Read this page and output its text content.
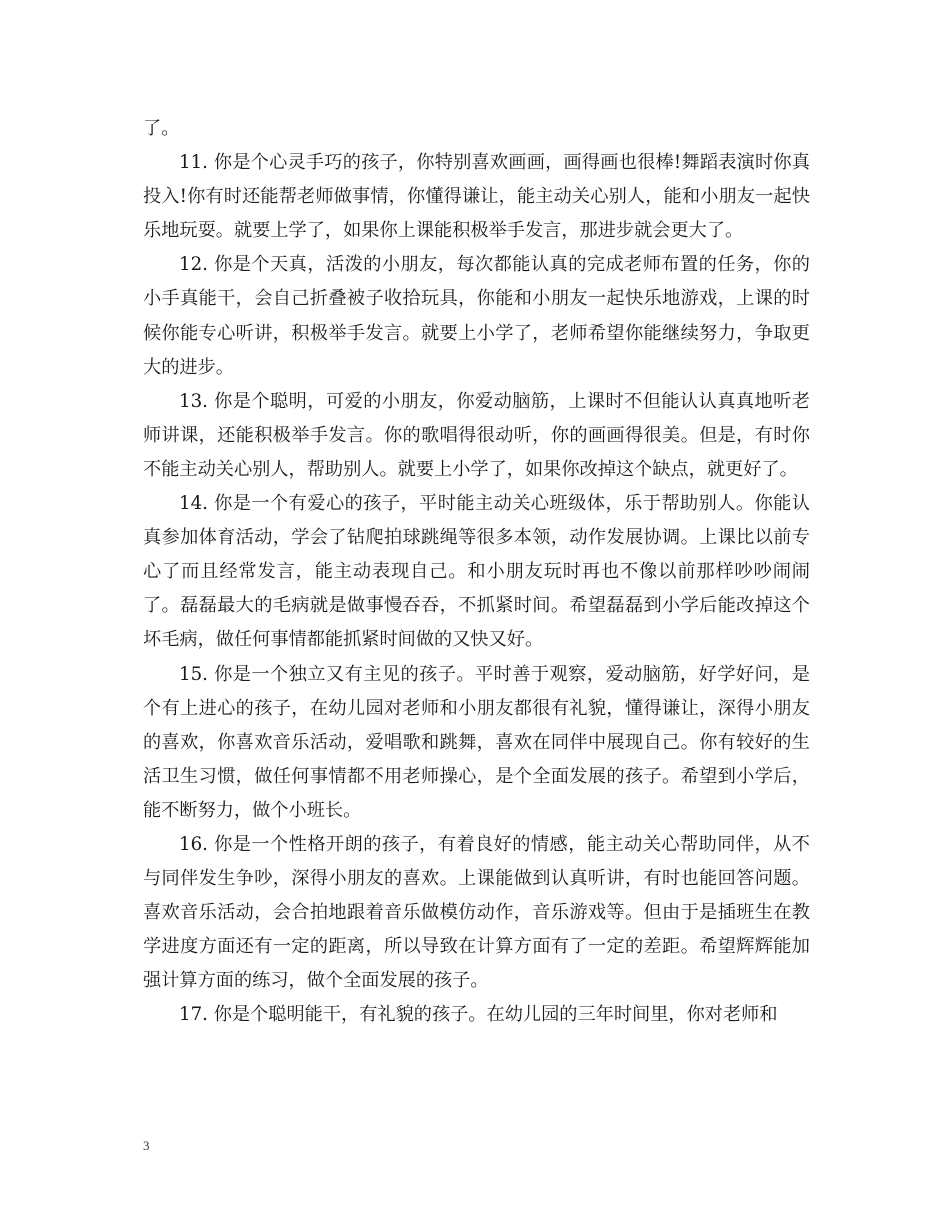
了。

11. 你是个心灵手巧的孩子，你特别喜欢画画，画得画也很棒!舞蹈表演时你真投入!你有时还能帮老师做事情，你懂得谦让，能主动关心别人，能和小朋友一起快乐地玩耍。就要上学了，如果你上课能积极举手发言，那进步就会更大了。

12. 你是个天真，活泼的小朋友，每次都能认真的完成老师布置的任务，你的小手真能干，会自己折叠被子收拾玩具，你能和小朋友一起快乐地游戏，上课的时候你能专心听讲，积极举手发言。就要上小学了，老师希望你能继续努力，争取更大的进步。

13. 你是个聪明，可爱的小朋友，你爱动脑筋，上课时不但能认认真真地听老师讲课，还能积极举手发言。你的歌唱得很动听，你的画画得很美。但是，有时你不能主动关心别人，帮助别人。就要上小学了，如果你改掉这个缺点，就更好了。

14. 你是一个有爱心的孩子，平时能主动关心班级体，乐于帮助别人。你能认真参加体育活动，学会了钻爬拍球跳绳等很多本领，动作发展协调。上课比以前专心了而且经常发言，能主动表现自己。和小朋友玩时再也不像以前那样吵吵闹闹了。磊磊最大的毛病就是做事慢吞吞，不抓紧时间。希望磊磊到小学后能改掉这个坏毛病，做任何事情都能抓紧时间做的又快又好。

15. 你是一个独立又有主见的孩子。平时善于观察，爱动脑筋，好学好问，是个有上进心的孩子，在幼儿园对老师和小朋友都很有礼貌，懂得谦让，深得小朋友的喜欢，你喜欢音乐活动，爱唱歌和跳舞，喜欢在同伴中展现自己。你有较好的生活卫生习惯，做任何事情都不用老师操心，是个全面发展的孩子。希望到小学后，能不断努力，做个小班长。

16. 你是一个性格开朗的孩子，有着良好的情感，能主动关心帮助同伴，从不与同伴发生争吵，深得小朋友的喜欢。上课能做到认真听讲，有时也能回答问题。喜欢音乐活动，会合拍地跟着音乐做模仿动作，音乐游戏等。但由于是插班生在教学进度方面还有一定的距离，所以导致在计算方面有了一定的差距。希望辉辉能加强计算方面的练习，做个全面发展的孩子。

17. 你是个聪明能干，有礼貌的孩子。在幼儿园的三年时间里，你对老师和

3
